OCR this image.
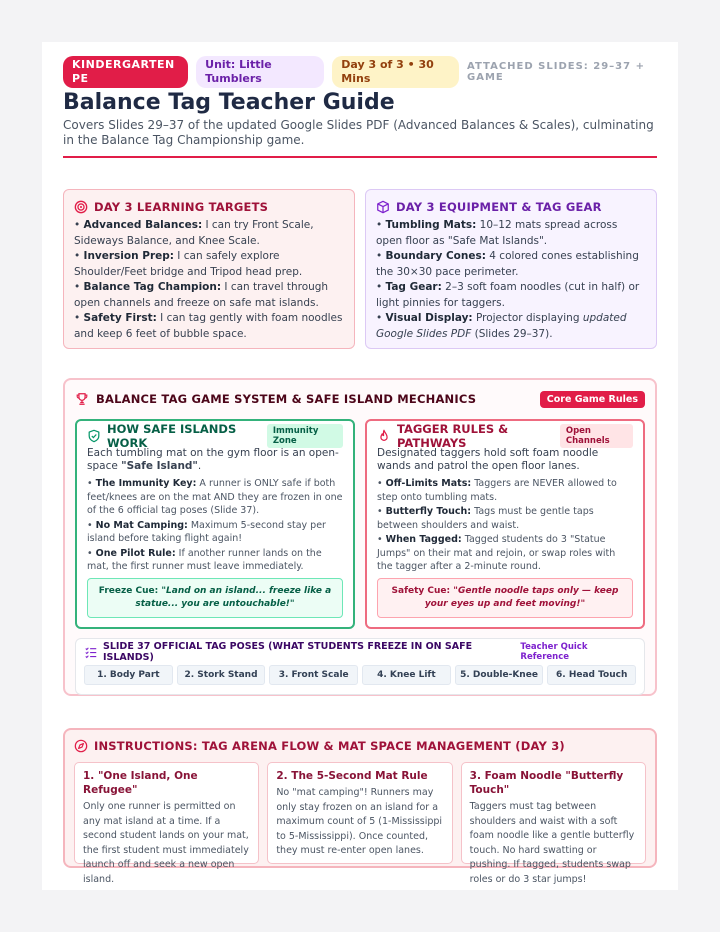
KINDERGARTEN PE
Unit: Little Tumblers
Day 3 of 3 • 30 Mins
ATTACHED SLIDES: 29–37 + GAME
Balance Tag Teacher Guide
Covers Slides 29–37 of the updated Google Slides PDF (Advanced Balances & Scales), culminating in the Balance Tag Championship game.
DAY 3 LEARNING TARGETS

• Advanced Balances: I can try Front Scale, Sideways Balance, and Knee Scale.

• Inversion Prep: I can safely explore Shoulder/Feet bridge and Tripod head prep.

• Balance Tag Champion: I can travel through open channels and freeze on safe mat islands.

• Safety First: I can tag gently with foam noodles and keep 6 feet of bubble space.

DAY 3 EQUIPMENT & TAG GEAR

• Tumbling Mats: 10–12 mats spread across open floor as "Safe Mat Islands".

• Boundary Cones: 4 colored cones establishing the 30×30 pace perimeter.

• Tag Gear: 2–3 soft foam noodles (cut in half) or light pinnies for taggers.

• Visual Display: Projector displaying updated Google Slides PDF (Slides 29–37).

BALANCE TAG GAME SYSTEM & SAFE ISLAND MECHANICS	Core Game Rules
HOW SAFE ISLANDS WORK
Immunity Zone

Each tumbling mat on the gym floor is an open-space "Safe Island".

• The Immunity Key: A runner is ONLY safe if both feet/knees are on the mat AND they are frozen in one of the 6 official tag poses (Slide 37).

• No Mat Camping: Maximum 5-second stay per island before taking flight again!

• One Pilot Rule: If another runner lands on the mat, the first runner must leave immediately.

Freeze Cue: "Land on an island... freeze like a statue... you are untouchable!"
TAGGER RULES & PATHWAYS
Open Channels

Designated taggers hold soft foam noodle wands and patrol the open floor lanes.

• Off-Limits Mats: Taggers are NEVER allowed to step onto tumbling mats.

• Butterfly Touch: Tags must be gentle taps between shoulders and waist.

• When Tagged: Tagged students do 3 "Statue Jumps" on their mat and rejoin, or swap roles with the tagger after a 2-minute round.

Safety Cue: "Gentle noodle taps only — keep your eyes up and feet moving!"
SLIDE 37 OFFICIAL TAG POSES (WHAT STUDENTS FREEZE IN ON SAFE ISLANDS)
Teacher Quick Reference
1. Body Part	2. Stork Stand	3. Front Scale	4. Knee Lift	5. Double-Knee	6. Head Touch
INSTRUCTIONS: TAG ARENA FLOW & MAT SPACE MANAGEMENT (DAY 3)
1. "One Island, One Refugee"
Only one runner is permitted on any mat island at a time. If a second student lands on your mat, the first student must immediately launch off and seek a new open island.
2. The 5-Second Mat Rule
No "mat camping"! Runners may only stay frozen on an island for a maximum count of 5 (1-Mississippi to 5-Mississippi). Once counted, they must re-enter open lanes.
3. Foam Noodle "Butterfly Touch"
Taggers must tag between shoulders and waist with a soft foam noodle like a gentle butterfly touch. No hard swatting or pushing. If tagged, students swap roles or do 3 star jumps!
